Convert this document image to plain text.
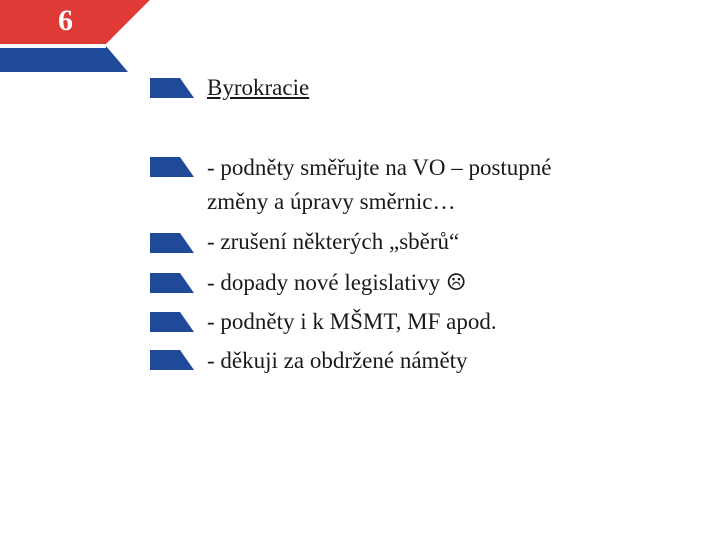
6
Byrokracie
- podněty směřujte na VO – postupné
změny a úpravy směrnic…
- zrušení některých „sběrů“
- dopady nové legislativy ☹
- podněty i k MŠMT, MF apod.
- děkuji za obdržené náměty
